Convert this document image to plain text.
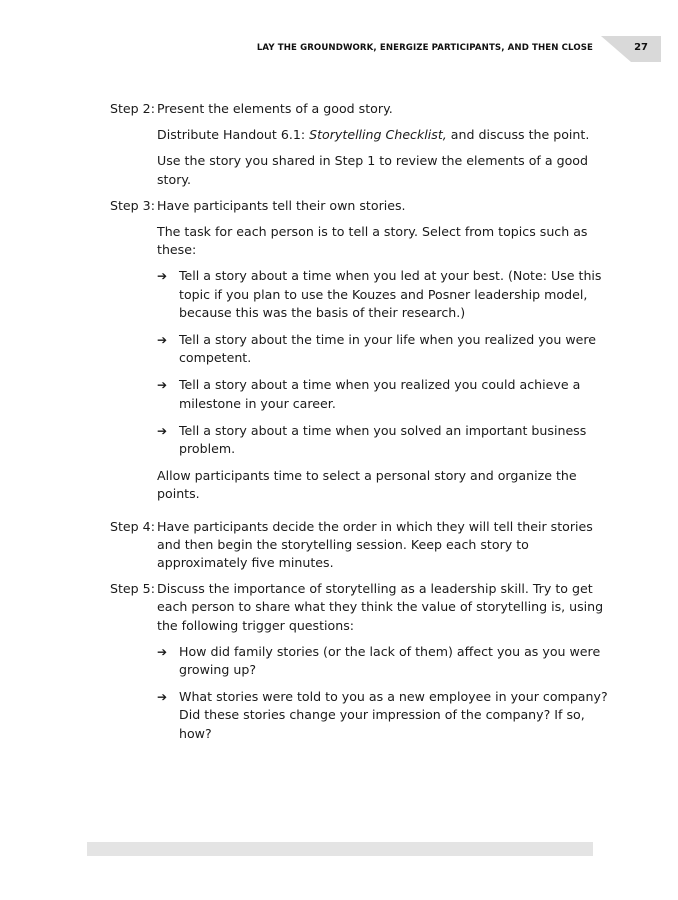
LAY THE GROUNDWORK, ENERGIZE PARTICIPANTS, AND THEN CLOSE	27
Step 2: Present the elements of a good story.

Distribute Handout 6.1: Storytelling Checklist, and discuss the point.

Use the story you shared in Step 1 to review the elements of a good story.

Step 3: Have participants tell their own stories.

The task for each person is to tell a story. Select from topics such as these:

➔ Tell a story about a time when you led at your best. (Note: Use this topic if you plan to use the Kouzes and Posner leadership model, because this was the basis of their research.)
➔ Tell a story about the time in your life when you realized you were competent.
➔ Tell a story about a time when you realized you could achieve a milestone in your career.
➔ Tell a story about a time when you solved an important business problem.

Allow participants time to select a personal story and organize the points.

Step 4: Have participants decide the order in which they will tell their stories and then begin the storytelling session. Keep each story to approximately five minutes.

Step 5: Discuss the importance of storytelling as a leadership skill. Try to get each person to share what they think the value of storytelling is, using the following trigger questions:

➔ How did family stories (or the lack of them) affect you as you were growing up?
➔ What stories were told to you as a new employee in your company? Did these stories change your impression of the company? If so, how?
